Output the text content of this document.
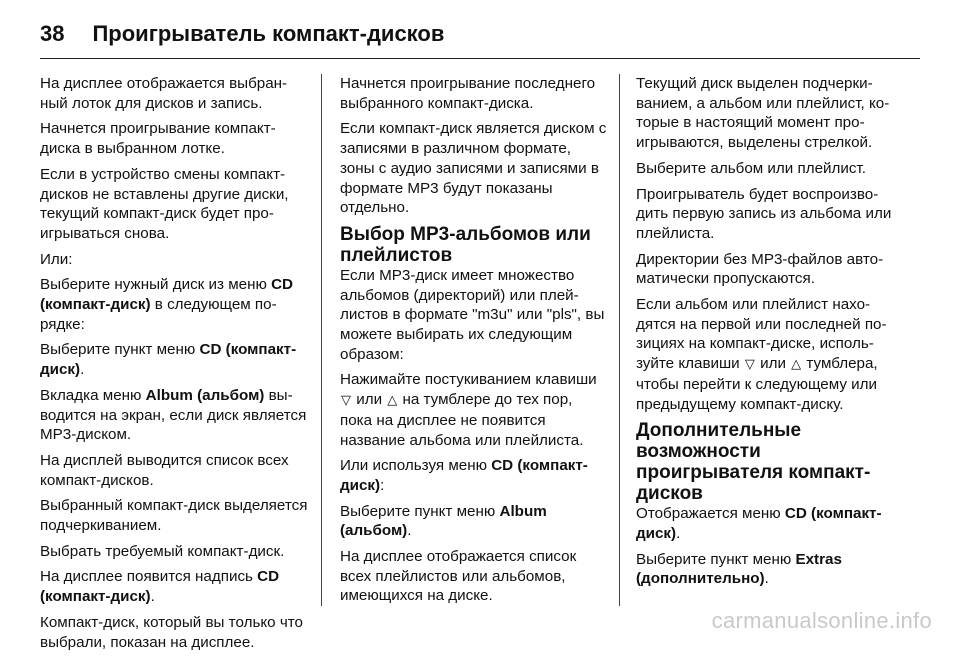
38 Проигрыватель компакт-дисков

На дисплее отображается выбранный лоток для дисков и запись.

Начнется проигрывание компакт-диска в выбранном лотке.

Если в устройство смены компакт-дисков не вставлены другие диски, текущий компакт-диск будет проигрываться снова.

Или:

Выберите нужный диск из меню CD (компакт-диск) в следующем порядке:

Выберите пункт меню CD (компакт-диск).

Вкладка меню Album (альбом) выводится на экран, если диск является MP3-диском.

На дисплей выводится список всех компакт-дисков.

Выбранный компакт-диск выделяется подчеркиванием.

Выбрать требуемый компакт-диск.

На дисплее появится надпись CD (компакт-диск).

Компакт-диск, который вы только что выбрали, показан на дисплее.

Начнется проигрывание последнего выбранного компакт-диска.

Если компакт-диск является диском с записями в различном формате, зоны с аудио записями и записями в формате MP3 будут показаны отдельно.

Выбор MP3-альбомов или плейлистов

Если MP3-диск имеет множество альбомов (директорий) или плейлистов в формате "m3u" или "pls", вы можете выбирать их следующим образом:

Нажимайте постукиванием клавиши ▽ или △ на тумблере до тех пор, пока на дисплее не появится название альбома или плейлиста.

Или используя меню CD (компакт-диск):

Выберите пункт меню Album (альбом).

На дисплее отображается список всех плейлистов или альбомов, имеющихся на диске.

Текущий диск выделен подчеркиванием, а альбом или плейлист, которые в настоящий момент проигрываются, выделены стрелкой.

Выберите альбом или плейлист.

Проигрыватель будет воспроизводить первую запись из альбома или плейлиста.

Директории без MP3-файлов автоматически пропускаются.

Если альбом или плейлист находятся на первой или последней позициях на компакт-диске, используйте клавиши ▽ или △ тумблера, чтобы перейти к следующему или предыдущему компакт-диску.

Дополнительные возможности проигрывателя компакт-дисков

Отображается меню CD (компакт-диск).

Выберите пункт меню Extras (дополнительно).

carmanualsonline.info
